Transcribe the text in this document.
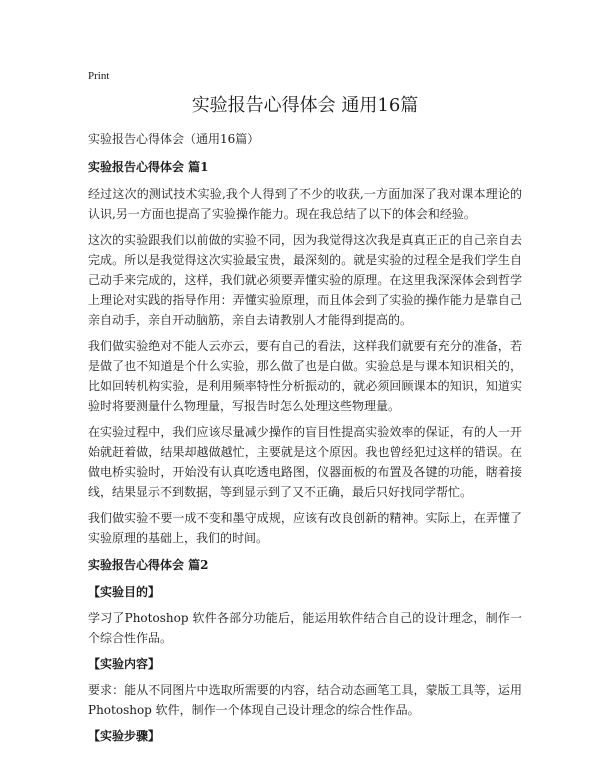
Print
实验报告心得体会 通用16篇
实验报告心得体会（通用16篇）
实验报告心得体会 篇1

经过这次的测试技术实验,我个人得到了不少的收获,一方面加深了我对课本理论的认识,另一方面也提高了实验操作能力。现在我总结了以下的体会和经验。

这次的实验跟我们以前做的实验不同，因为我觉得这次我是真真正正的自己亲自去完成。所以是我觉得这次实验最宝贵，最深刻的。就是实验的过程全是我们学生自己动手来完成的，这样，我们就必须要弄懂实验的原理。在这里我深深体会到哲学上理论对实践的指导作用：弄懂实验原理，而且体会到了实验的操作能力是靠自己亲自动手，亲自开动脑筋，亲自去请教别人才能得到提高的。

我们做实验绝对不能人云亦云，要有自己的看法，这样我们就要有充分的准备，若是做了也不知道是个什么实验，那么做了也是白做。实验总是与课本知识相关的，比如回转机构实验，是利用频率特性分析振动的，就必须回顾课本的知识，知道实验时将要测量什么物理量，写报告时怎么处理这些物理量。

在实验过程中，我们应该尽量减少操作的盲目性提高实验效率的保证，有的人一开始就赶着做，结果却越做越忙，主要就是这个原因。我也曾经犯过这样的错误。在做电桥实验时，开始没有认真吃透电路图，仪器面板的布置及各键的功能，瞎着接线，结果显示不到数据，等到显示到了又不正确，最后只好找同学帮忙。

我们做实验不要一成不变和墨守成规，应该有改良创新的精神。实际上，在弄懂了实验原理的基础上，我们的时间。

实验报告心得体会 篇2
【实验目的】

学习了Photoshop 软件各部分功能后，能运用软件结合自己的设计理念，制作一个综合性作品。

【实验内容】

要求：能从不同图片中选取所需要的内容，结合动态画笔工具，蒙版工具等，运用Photoshop 软件，制作一个体现自己设计理念的综合性作品。

【实验步骤】
